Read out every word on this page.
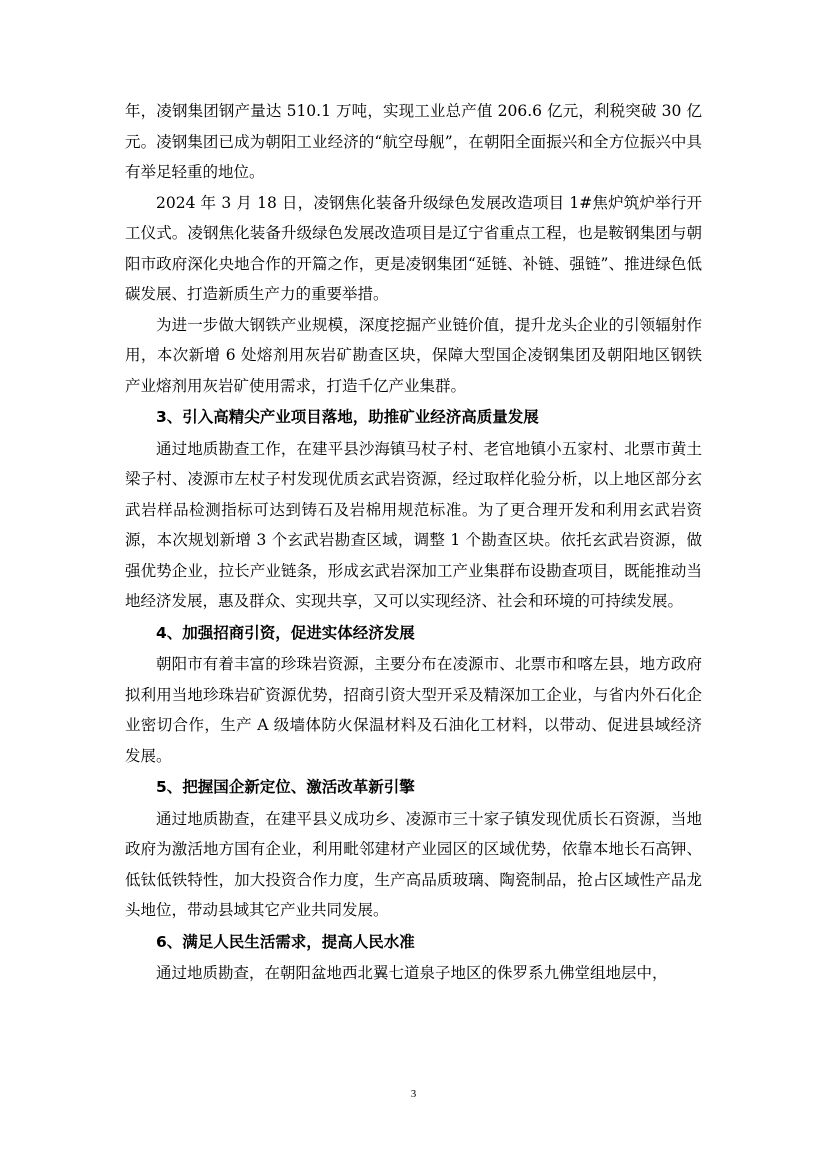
年，凌钢集团钢产量达 510.1 万吨，实现工业总产值 206.6 亿元，利税突破 30 亿元。凌钢集团已成为朝阳工业经济的“航空母舰”，在朝阳全面振兴和全方位振兴中具有举足轻重的地位。

2024 年 3 月 18 日，凌钢焦化装备升级绿色发展改造项目 1#焦炉筑炉举行开工仪式。凌钢焦化装备升级绿色发展改造项目是辽宁省重点工程，也是鞍钢集团与朝阳市政府深化央地合作的开篇之作，更是凌钢集团“延链、补链、强链”、推进绿色低碳发展、打造新质生产力的重要举措。

为进一步做大钢铁产业规模，深度挖掘产业链价值，提升龙头企业的引领辐射作用，本次新增 6 处熔剂用灰岩矿勘查区块，保障大型国企凌钢集团及朝阳地区钢铁产业熔剂用灰岩矿使用需求，打造千亿产业集群。

3、引入高精尖产业项目落地，助推矿业经济高质量发展

通过地质勘查工作，在建平县沙海镇马杖子村、老官地镇小五家村、北票市黄土梁子村、凌源市左杖子村发现优质玄武岩资源，经过取样化验分析，以上地区部分玄武岩样品检测指标可达到铸石及岩棉用规范标准。为了更合理开发和利用玄武岩资源，本次规划新增 3 个玄武岩勘查区域，调整 1 个勘查区块。依托玄武岩资源，做强优势企业，拉长产业链条，形成玄武岩深加工产业集群布设勘查项目，既能推动当地经济发展，惠及群众、实现共享，又可以实现经济、社会和环境的可持续发展。

4、加强招商引资，促进实体经济发展

朝阳市有着丰富的珍珠岩资源，主要分布在凌源市、北票市和喀左县，地方政府拟利用当地珍珠岩矿资源优势，招商引资大型开采及精深加工企业，与省内外石化企业密切合作，生产 A 级墙体防火保温材料及石油化工材料，以带动、促进县域经济发展。

5、把握国企新定位、激活改革新引擎

通过地质勘查，在建平县义成功乡、凌源市三十家子镇发现优质长石资源，当地政府为激活地方国有企业，利用毗邻建材产业园区的区域优势，依靠本地长石高钾、低钛低铁特性，加大投资合作力度，生产高品质玻璃、陶瓷制品，抢占区域性产品龙头地位，带动县域其它产业共同发展。

6、满足人民生活需求，提高人民水准

通过地质勘查，在朝阳盆地西北翼七道泉子地区的侏罗系九佛堂组地层中，

3
